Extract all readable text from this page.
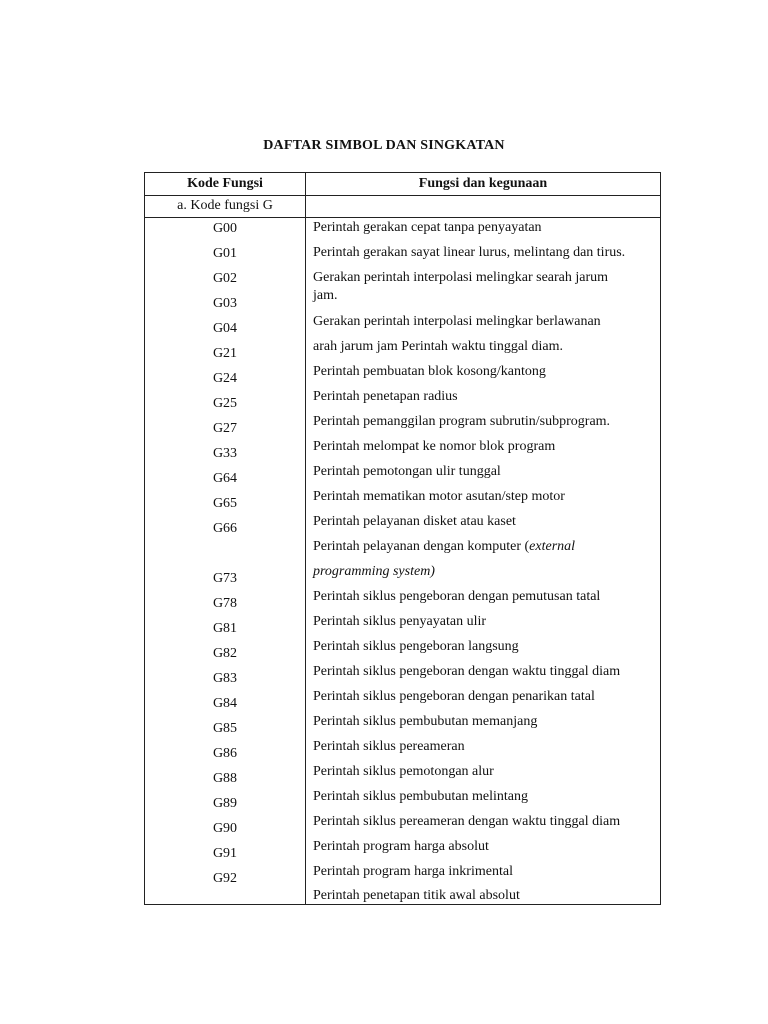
DAFTAR SIMBOL DAN SINGKATAN
Kode Fungsi	Fungsi dan kegunaan
a. Kode fungsi G
G00
G01
G02
G03
G04
G21
G24
G25
G27
G33
G64
G65
G66
G73
G78
G81
G82
G83
G84
G85
G86
G88
G89
G90
G91
G92
Perintah gerakan cepat tanpa penyayatan
Perintah gerakan sayat linear lurus, melintang dan tirus.
Gerakan perintah interpolasi melingkar searah jarum
jam.
Gerakan perintah interpolasi melingkar berlawanan
arah jarum jam Perintah waktu tinggal diam.
Perintah pembuatan blok kosong/kantong
Perintah penetapan radius
Perintah pemanggilan program subrutin/subprogram.
Perintah melompat ke nomor blok program
Perintah pemotongan ulir tunggal
Perintah mematikan motor asutan/step motor
Perintah pelayanan disket atau kaset
Perintah pelayanan dengan komputer (external
programming system)
Perintah siklus pengeboran dengan pemutusan tatal
Perintah siklus penyayatan ulir
Perintah siklus pengeboran langsung
Perintah siklus pengeboran dengan waktu tinggal diam
Perintah siklus pengeboran dengan penarikan tatal
Perintah siklus pembubutan memanjang
Perintah siklus pereameran
Perintah siklus pemotongan alur
Perintah siklus pembubutan melintang
Perintah siklus pereameran dengan waktu tinggal diam
Perintah program harga absolut
Perintah program harga inkrimental
Perintah penetapan titik awal absolut
